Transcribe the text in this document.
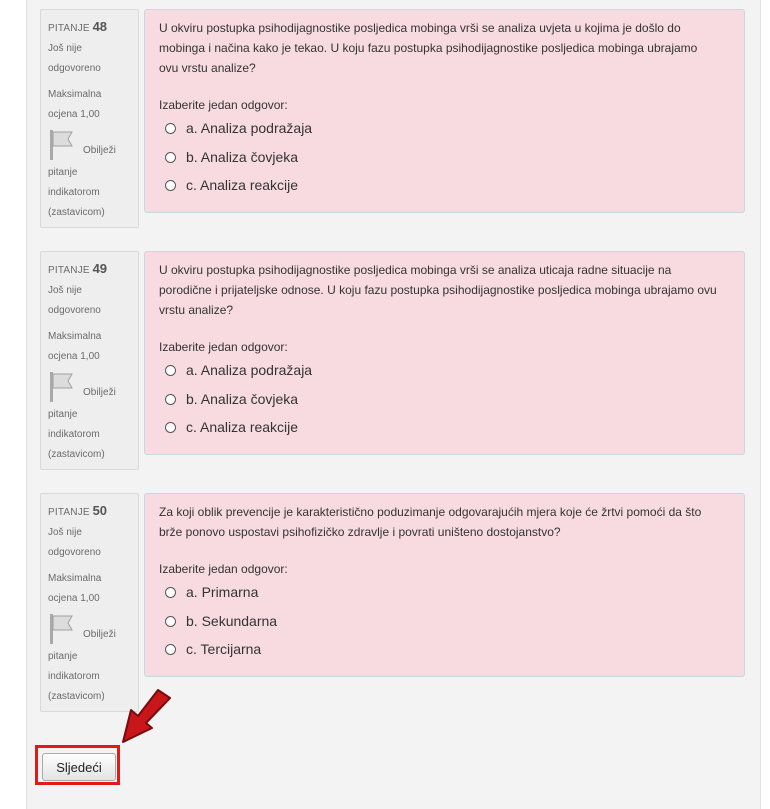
PITANJE 48
Još nije
odgovoreno
Maksimalna
ocjena 1,00
Obilježi
pitanje
indikatorom
(zastavicom)
U okviru postupka psihodijagnostike posljedica mobinga vrši se analiza uvjeta u kojima je došlo do mobinga i načina kako je tekao. U koju fazu postupka psihodijagnostike posljedica mobinga ubrajamo ovu vrstu analize?
Izaberite jedan odgovor:
a. Analiza podražaja
b. Analiza čovjeka
c. Analiza reakcije
PITANJE 49
Još nije
odgovoreno
Maksimalna
ocjena 1,00
Obilježi
pitanje
indikatorom
(zastavicom)
U okviru postupka psihodijagnostike posljedica mobinga vrši se analiza uticaja radne situacije na porodične i prijateljske odnose. U koju fazu postupka psihodijagnostike posljedica mobinga ubrajamo ovu vrstu analize?
Izaberite jedan odgovor:
a. Analiza podražaja
b. Analiza čovjeka
c. Analiza reakcije
PITANJE 50
Još nije
odgovoreno
Maksimalna
ocjena 1,00
Obilježi
pitanje
indikatorom
(zastavicom)
Za koji oblik prevencije je karakteristično poduzimanje odgovarajućih mjera koje će žrtvi pomoći da što brže ponovo uspostavi psihofizičko zdravlje i povrati uništeno dostojanstvo?
Izaberite jedan odgovor:
a. Primarna
b. Sekundarna
c. Tercijarna
Sljedeći
